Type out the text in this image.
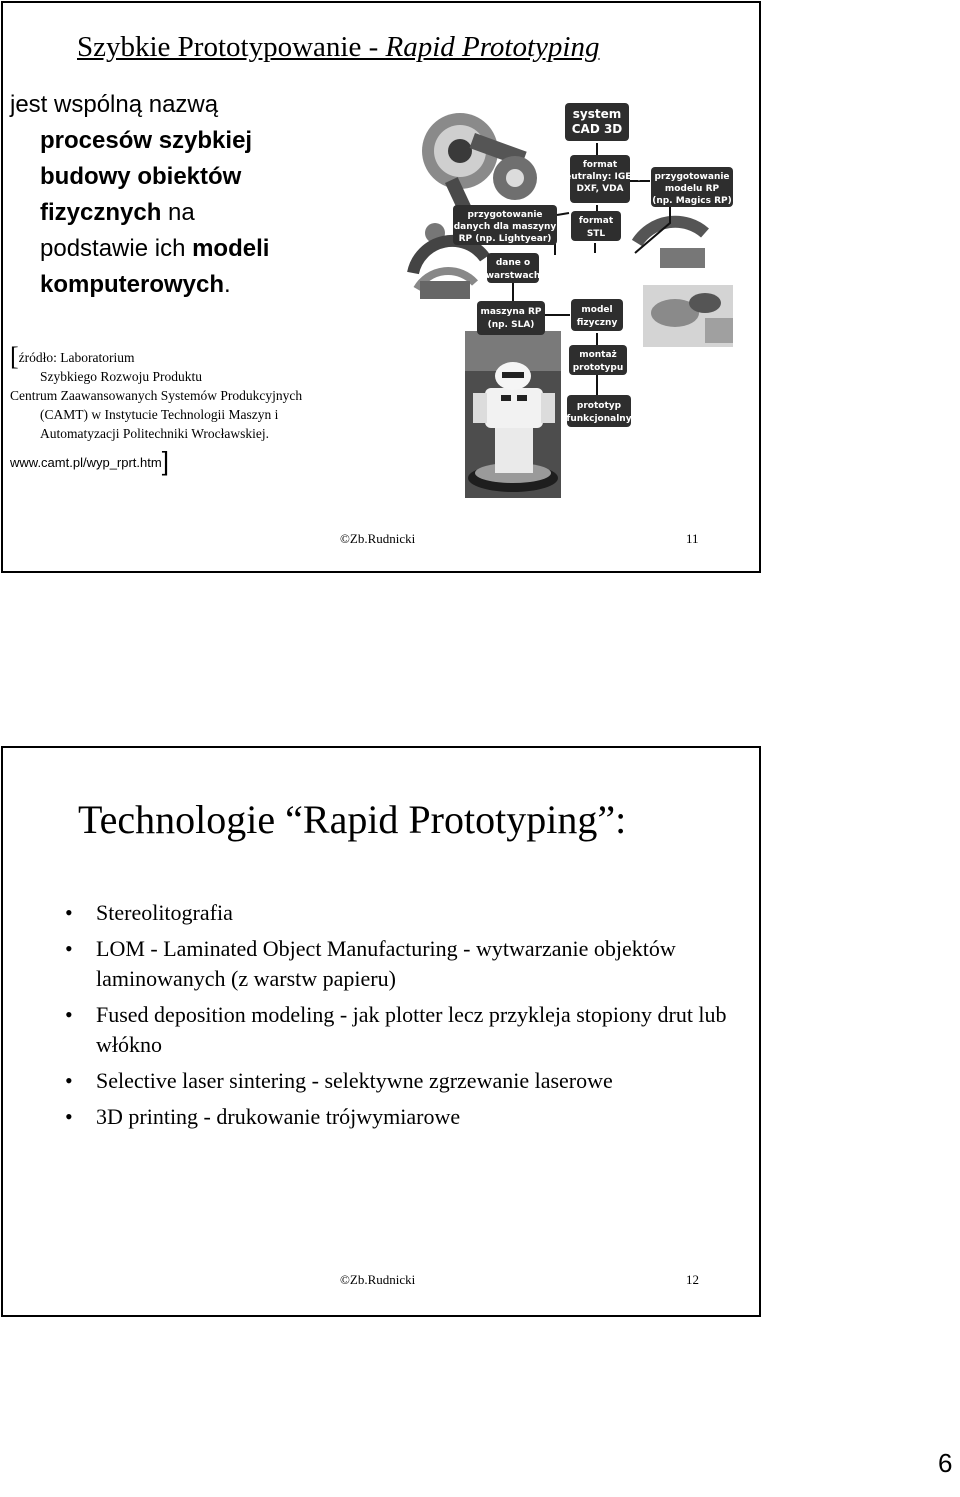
Szybkie Prototypowanie - Rapid Prototyping
jest wspólną nazwą
procesów szybkiej
budowy obiektów
fizycznych na
podstawie ich modeli
komputerowych.
[źródło: Laboratorium
Szybkiego Rozwoju Produktu
Centrum Zaawansowanych Systemów Produkcyjnych
(CAMT) w Instytucie Technologii Maszyn i
Automatyzacji Politechniki Wrocławskiej.
www.camt.pl/wyp_rprt.htm]
system
CAD 3D
format
neutralny: IGES,
DXF, VDA
przygotowanie
modelu RP
(np. Magics RP)
przygotowanie
danych dla maszyny
RP (np. Lightyear)
format
STL
dane o
warstwach
maszyna RP
(np. SLA)
model
fizyczny
montaż
prototypu
prototyp
funkcjonalny
©Zb.Rudnicki	11
Technologie “Rapid Prototyping”:
• Stereolitografia
• LOM - Laminated Object Manufacturing - wytwarzanie objektów laminowanych (z warstw papieru)
• Fused deposition modeling - jak plotter lecz przykleja stopiony drut lub włókno
• Selective laser sintering - selektywne zgrzewanie laserowe
• 3D printing - drukowanie trójwymiarowe
©Zb.Rudnicki	12
6
